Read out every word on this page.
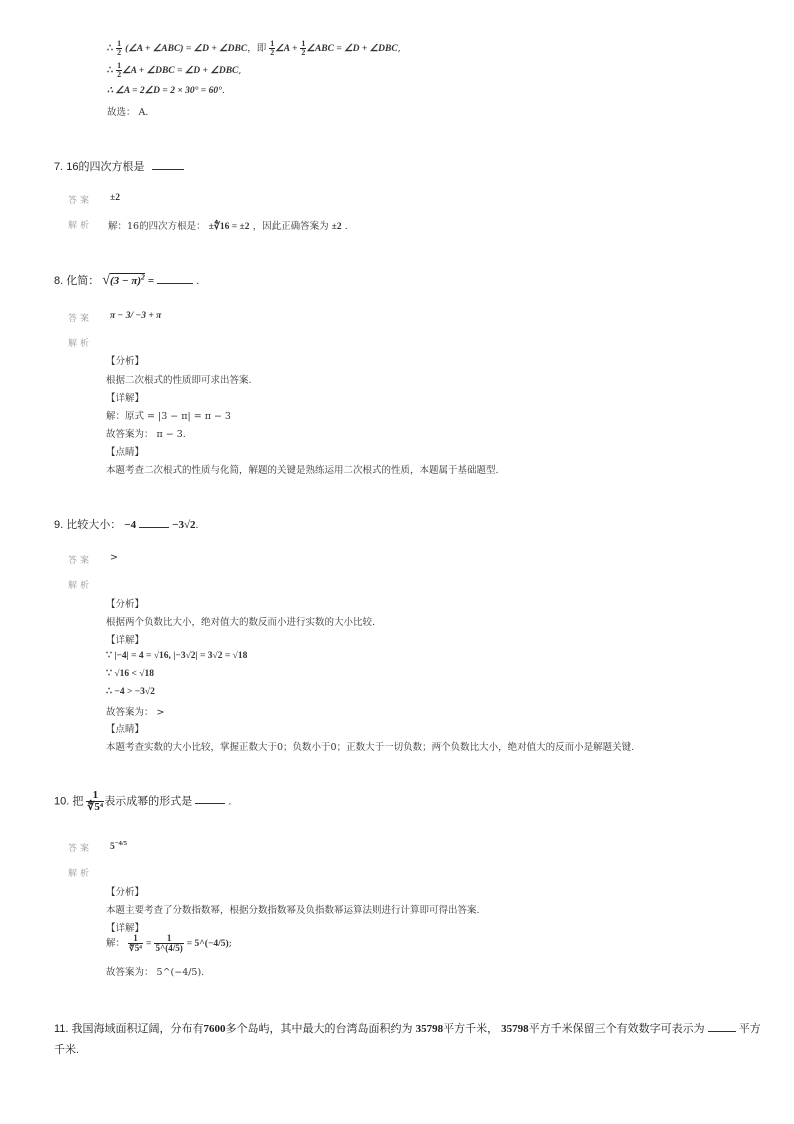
∴ $\frac{1}{2}$ (∠A + ∠ABC) = ∠D + ∠DBC，即 $\frac{1}{2}$ ∠A + $\frac{1}{2}$ ∠ABC = ∠D + ∠DBC,
∴ $\frac{1}{2}$ ∠A + ∠DBC = ∠D + ∠DBC,
∴ ∠A = 2∠D = 2 × 30° = 60°.
故选： A.
7. 16的四次方根是
答案 ±2
解析 解：16的四次方根是： ±∜16 = ±2 ，因此正确答案为 ±2 .
8. 化简： $√(3 - \pi)^2$ =	.
答案 π − 3/ −3 + π
解析
【分析】
根据二次根式的性质即可求出答案.
【详解】
解：原式 = |3 − π| = π − 3
故答案为： π − 3.
【点睛】
本题考查二次根式的性质与化简，解题的关键是熟练运用二次根式的性质，本题属于基础题型.
9. 比较大小： −4	−3√2.
答案 >
解析
【分析】
根据两个负数比大小，绝对值大的数反而小进行实数的大小比较.
【详解】
∵ |−4| = 4 = √16, |−3√2| = 3√2 = √18
∵ √16 < √18
∴ −4 > −3√2
故答案为： >
【点睛】
本题考查实数的大小比较，掌握正数大于0；负数小于0；正数大于一切负数；两个负数比大小，绝对值大的反而小是解题关键.
10. 把 $\frac{1}{\text{∜5⁴}}$ 表示成幂的形式是	.
答案 $5^{-4/5}$
解析
【分析】
本题主要考查了分数指数幂，根据分数指数幂及负指数幂运算法则进行计算即可得出答案.
【详解】
解： $\frac{1}{\text{∜5⁴}} = \frac{1}{5\^{}(4/5)}$ = 5^(−4/5);
故答案为： 5^(−4/5).
11. 我国海域面积辽阔，分布有7600多个岛屿，其中最大的台湾岛面积约为 35798平方千米， 35798平方千米保留三个有效数字可表示为	平方
千米.
